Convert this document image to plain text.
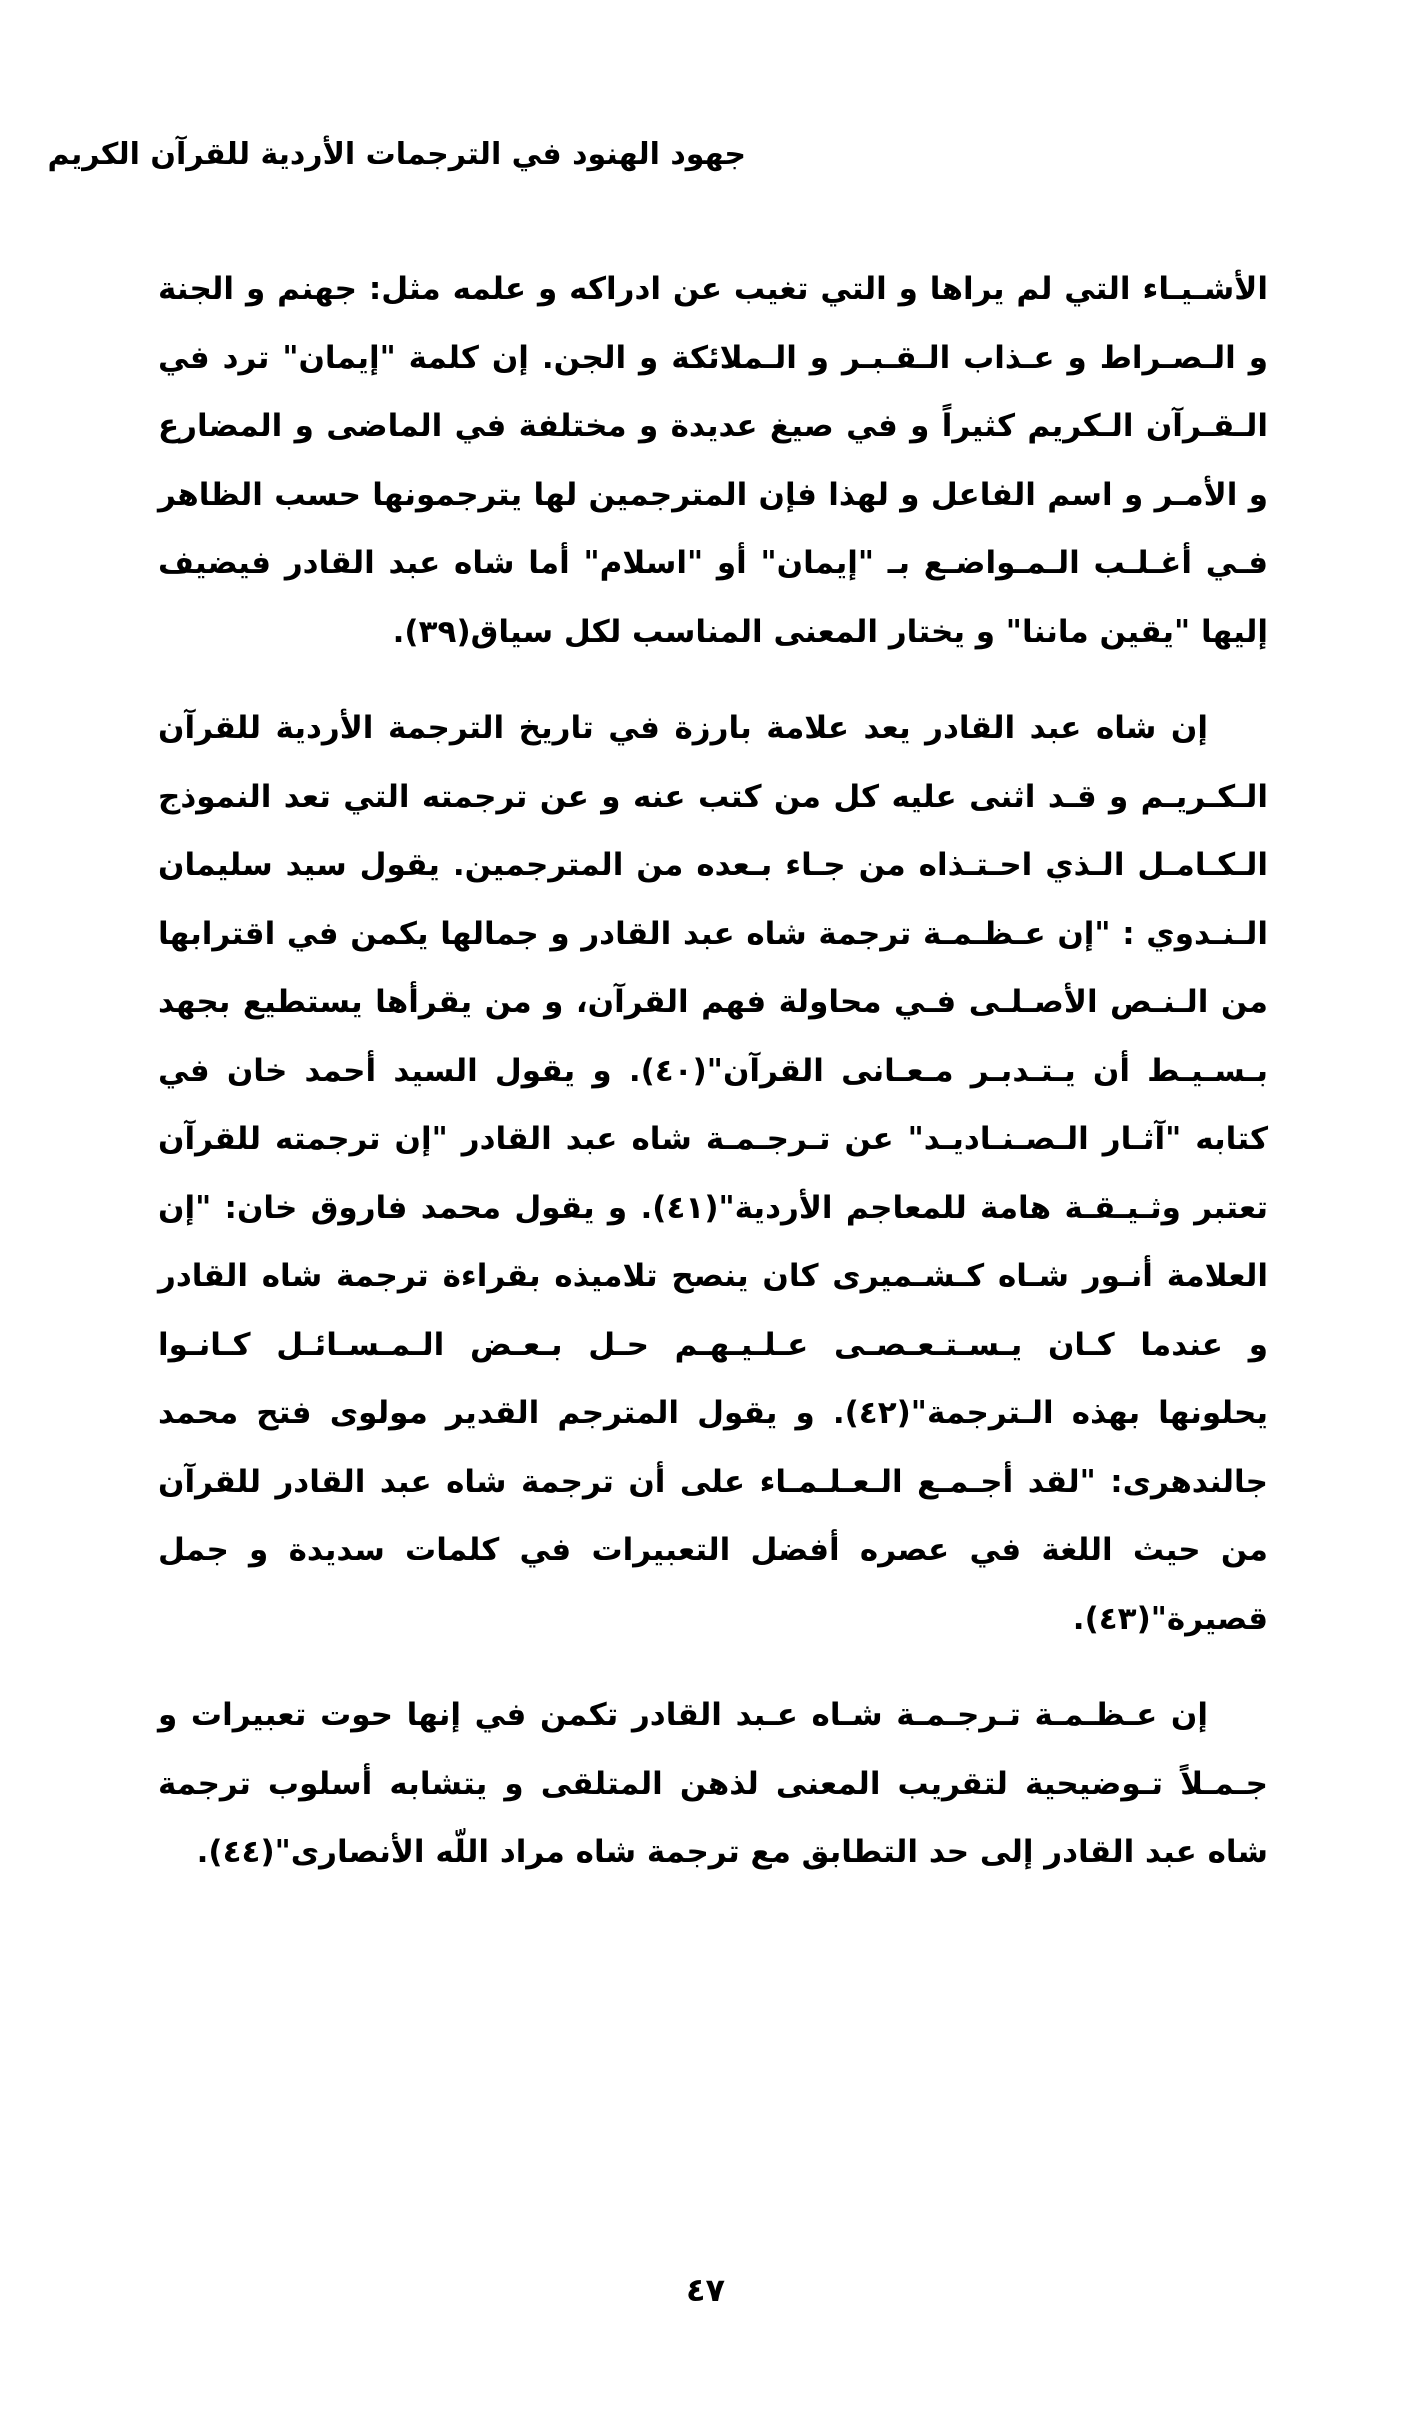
جهود الهنود في الترجمات الأردية للقرآن الكريم

الأشـيـاء التي لم يراها و التي تغيب عن ادراكه و علمه مثل: جهنم و الجنة و الـصـراط و عـذاب الـقـبـر و الـملائكة و الجن. إن كلمة "إيمان" ترد في الـقـرآن الـكريم كثيراً و في صيغ عديدة و مختلفة في الماضى و المضارع و الأمـر و اسم الفاعل و لهذا فإن المترجمين لها يترجمونها حسب الظاهر فـي أغـلـب الـمـواضـع بـ "إيمان" أو "اسلام" أما شاه عبد القادر فيضيف إليها "يقين ماننا" و يختار المعنى المناسب لكل سياق(٣٩).

إن شاه عبد القادر يعد علامة بارزة في تاريخ الترجمة الأردية للقرآن الـكـريـم و قـد اثنى عليه كل من كتب عنه و عن ترجمته التي تعد النموذج الـكـامـل الـذي احـتـذاه من جـاء بـعده من المترجمين. يقول سيد سليمان الـنـدوي : "إن عـظـمـة ترجمة شاه عبد القادر و جمالها يكمن في اقترابها من الـنـص الأصـلـى فـي محاولة فهم القرآن، و من يقرأها يستطيع بجهد بـسـيـط أن يـتـدبـر مـعـانى القرآن"(٤٠). و يقول السيد أحمد خان في كتابه "آثـار الـصـنـاديـد" عن تـرجـمـة شاه عبد القادر "إن ترجمته للقرآن تعتبر وثـيـقـة هامة للمعاجم الأردية"(٤١). و يقول محمد فاروق خان: "إن العلامة أنـور شـاه كـشـميرى كان ينصح تلاميذه بقراءة ترجمة شاه القادر و عندما كـان يـسـتـعـصـى عـلـيـهـم حـل بـعـض الـمـسـائـل كـانـوا يحلونها بهذه الـترجمة"(٤٢). و يقول المترجم القدير مولوى فتح محمد جالندهرى: "لقد أجـمـع الـعـلـمـاء على أن ترجمة شاه عبد القادر للقرآن من حيث اللغة في عصره أفضل التعبيرات في كلمات سديدة و جمل قصيرة"(٤٣).

إن عـظـمـة تـرجـمـة شـاه عـبد القادر تكمن في إنها حوت تعبيرات و جـمـلاً تـوضيحية لتقريب المعنى لذهن المتلقى و يتشابه أسلوب ترجمة شاه عبد القادر إلى حد التطابق مع ترجمة شاه مراد اللّه الأنصارى"(٤٤).

٤٧
